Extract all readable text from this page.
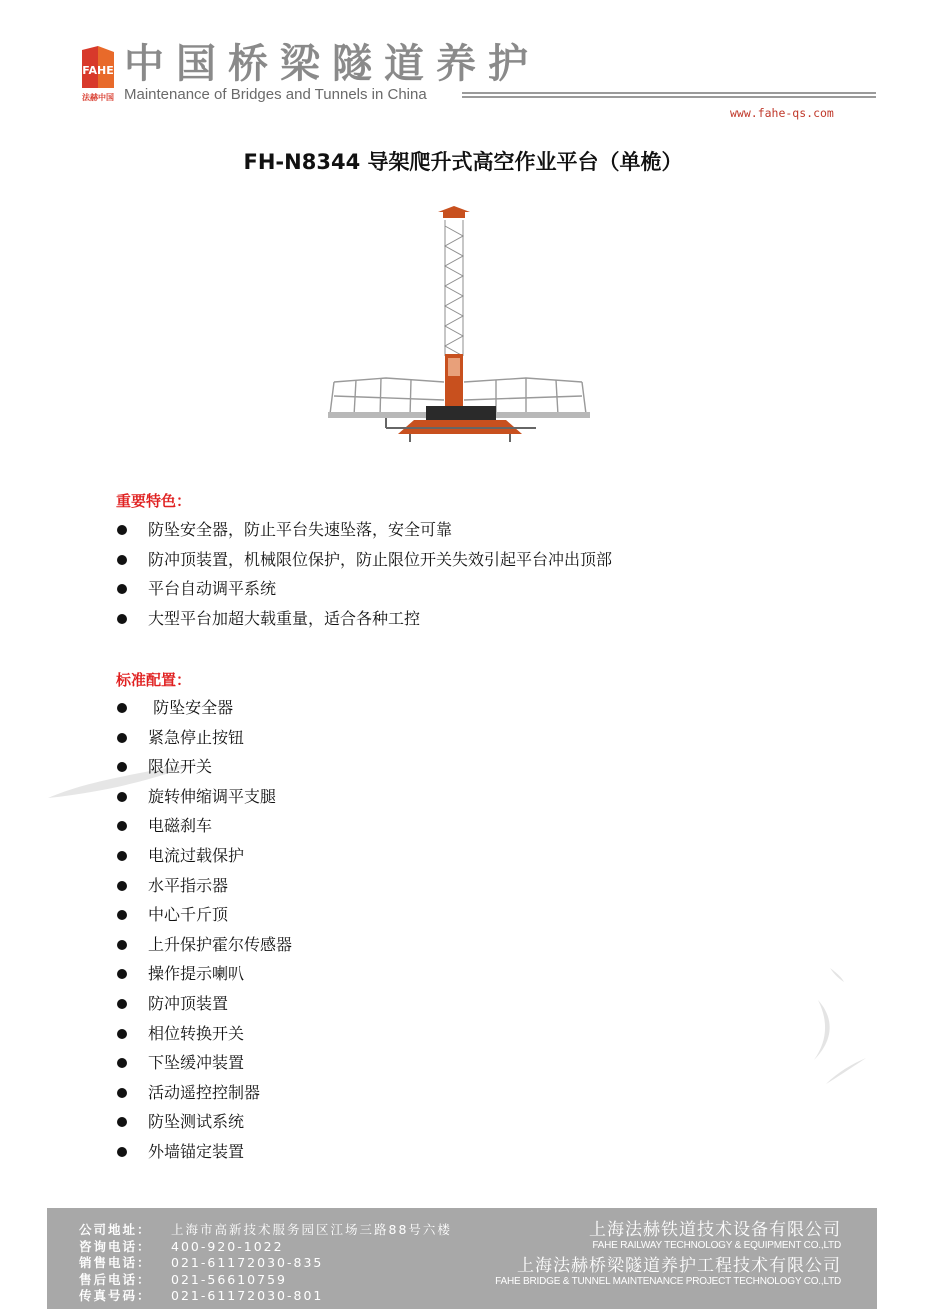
FAHE
法赫中国
中国桥梁隧道养护
Maintenance of Bridges and Tunnels in China
www.fahe-qs.com
FH-N8344 导架爬升式高空作业平台（单桅）
重要特色：
防坠安全器，防止平台失速坠落，安全可靠
防冲顶装置，机械限位保护，防止限位开关失效引起平台冲出顶部
平台自动调平系统
大型平台加超大载重量，适合各种工控
标准配置：
防坠安全器
紧急停止按钮
限位开关
旋转伸缩调平支腿
电磁刹车
电流过载保护
水平指示器
中心千斤顶
上升保护霍尔传感器
操作提示喇叭
防冲顶装置
相位转换开关
下坠缓冲装置
活动遥控控制器
防坠测试系统
外墙锚定装置
公司地址： 上海市高新技术服务园区江场三路88号六楼
咨询电话： 400-920-1022
销售电话： 021-61172030-835
售后电话： 021-56610759
传真号码： 021-61172030-801
上海法赫铁道技术设备有限公司
FAHE RAILWAY TECHNOLOGY & EQUIPMENT CO.,LTD
上海法赫桥梁隧道养护工程技术有限公司
FAHE BRIDGE & TUNNEL MAINTENANCE PROJECT TECHNOLOGY CO.,LTD
